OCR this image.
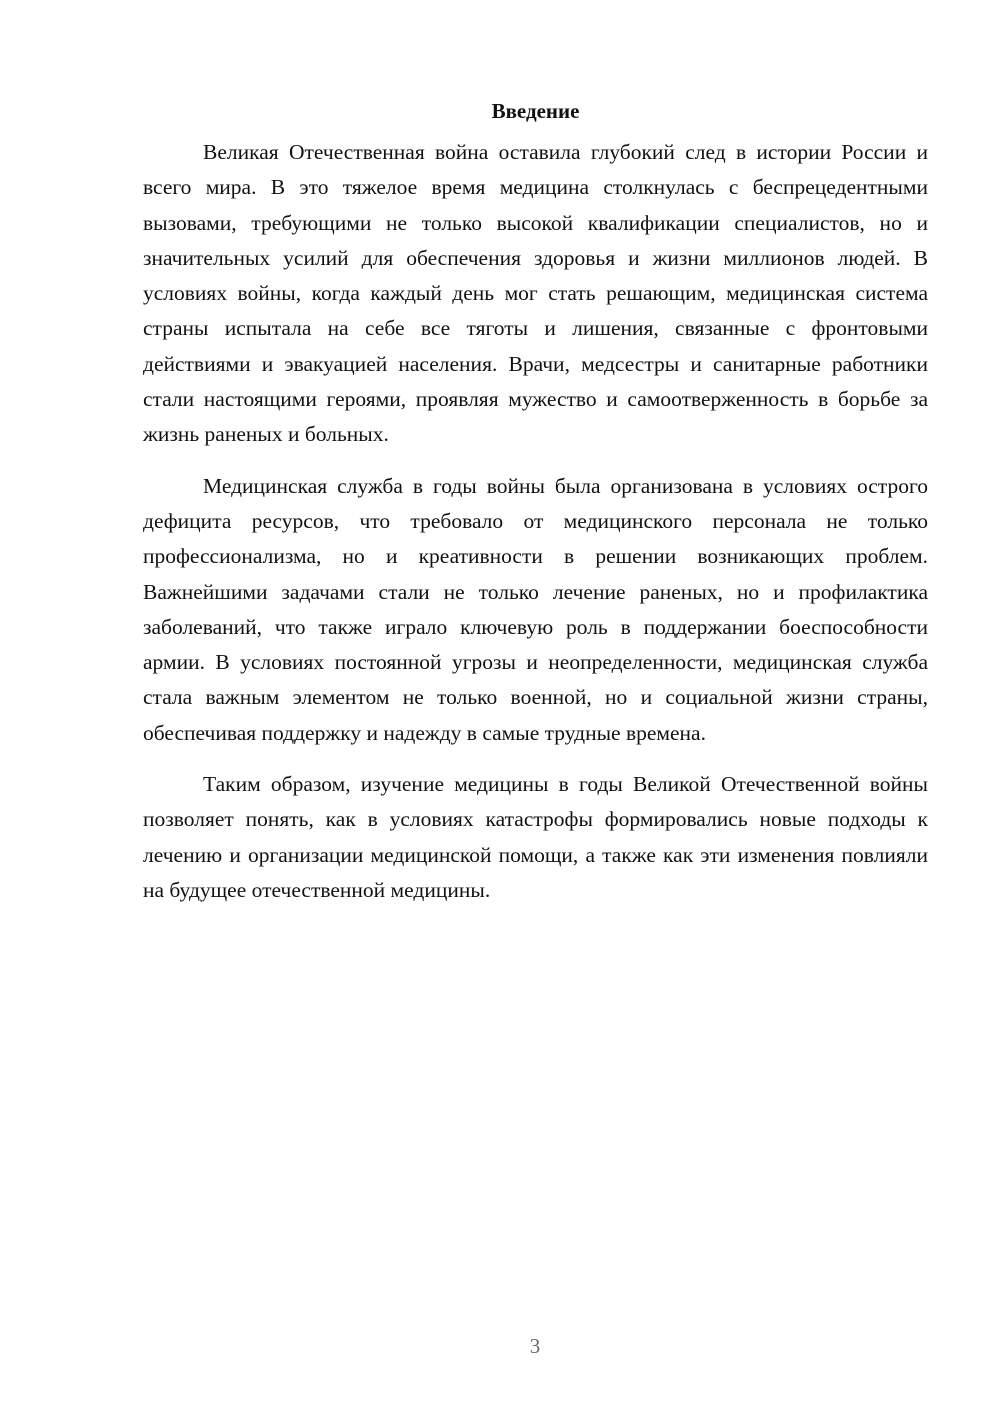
Введение

Великая Отечественная война оставила глубокий след в истории России и всего мира. В это тяжелое время медицина столкнулась с беспрецедентными вызовами, требующими не только высокой квалификации специалистов, но и значительных усилий для обеспечения здоровья и жизни миллионов людей. В условиях войны, когда каждый день мог стать решающим, медицинская система страны испытала на себе все тяготы и лишения, связанные с фронтовыми действиями и эвакуацией населения. Врачи, медсестры и санитарные работники стали настоящими героями, проявляя мужество и самоотверженность в борьбе за жизнь раненых и больных.

Медицинская служба в годы войны была организована в условиях острого дефицита ресурсов, что требовало от медицинского персонала не только профессионализма, но и креативности в решении возникающих проблем. Важнейшими задачами стали не только лечение раненых, но и профилактика заболеваний, что также играло ключевую роль в поддержании боеспособности армии. В условиях постоянной угрозы и неопределенности, медицинская служба стала важным элементом не только военной, но и социальной жизни страны, обеспечивая поддержку и надежду в самые трудные времена.

Таким образом, изучение медицины в годы Великой Отечественной войны позволяет понять, как в условиях катастрофы формировались новые подходы к лечению и организации медицинской помощи, а также как эти изменения повлияли на будущее отечественной медицины.

3
